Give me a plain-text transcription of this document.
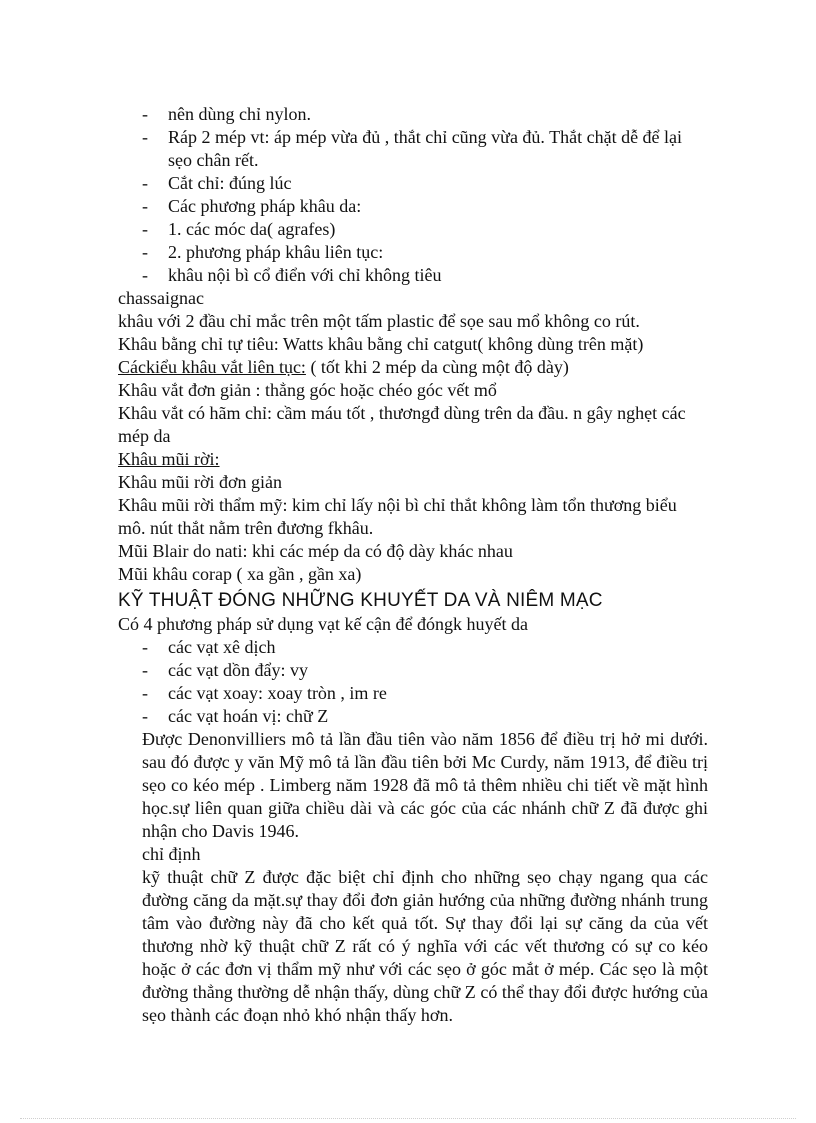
- nên dùng chỉ nylon.
- Ráp 2 mép vt: áp mép vừa đủ , thắt chỉ cũng vừa đủ. Thắt chặt dễ để lại sẹo chân rết.
- Cắt chỉ: đúng lúc
- Các phương pháp khâu da:
- 1. các móc da( agrafes)
- 2. phương pháp khâu liên tục:
- khâu nội bì cổ điển với chỉ không tiêu

chassaignac

khâu với 2 đầu chỉ mắc trên một tấm plastic để sọe sau mổ không co rút.

Khâu bằng chỉ tự tiêu: Watts khâu bằng chỉ catgut( không dùng trên mặt)

Cáckiểu khâu vắt liên tục: ( tốt khi 2 mép da cùng một độ dày)

Khâu vắt đơn giản : thẳng góc hoặc chéo góc vết mổ

Khâu vắt có hãm chỉ: cầm máu tốt , thươngđ dùng trên da đầu. n gây nghẹt các mép da

Khâu mũi rời:

Khâu mũi rời đơn giản

Khâu mũi rời thẩm mỹ: kim chỉ lấy nội bì chỉ thắt không làm tổn thương biểu mô. nút thắt nằm trên đương fkhâu.

Mũi Blair do nati: khi các mép da có độ dày khác nhau

Mũi khâu corap ( xa gần , gần xa)

KỸ THUẬT ĐÓNG NHỮNG KHUYẾT DA VÀ NIÊM MẠC

Có 4 phương pháp sử dụng vạt kế cận để đóngk huyết da

- các vạt xê dịch
- các vạt dồn đẩy: vy
- các vạt xoay: xoay tròn , im re
- các vạt hoán vị: chữ Z

Được Denonvilliers mô tả lần đầu tiên vào năm 1856 để điều trị hở mi dưới. sau đó được y văn Mỹ mô tả lần đầu tiên bởi Mc Curdy, năm 1913, để điều trị sẹo co kéo mép . Limberg năm 1928 đã mô tả thêm nhiều chi tiết về mặt hình học.sự liên quan giữa chiều dài và các góc của các nhánh chữ Z đã được ghi nhận cho Davis 1946.

chỉ định

kỹ thuật chữ Z được đặc biệt chỉ định cho những sẹo chạy ngang qua các đường căng da mặt.sự thay đổi đơn giản hướng của những đường nhánh trung tâm vào đường này đã cho kết quả tốt. Sự thay đổi lại sự căng da của vết thương nhờ kỹ thuật chữ Z rất có ý nghĩa với các vết thương có sự co kéo hoặc ở các đơn vị thẩm mỹ như với các sẹo ở góc mắt ở mép. Các sẹo là một đường thẳng thường dễ nhận thấy, dùng chữ Z có thể thay đổi được hướng của sẹo thành các đoạn nhỏ khó nhận thấy hơn.
